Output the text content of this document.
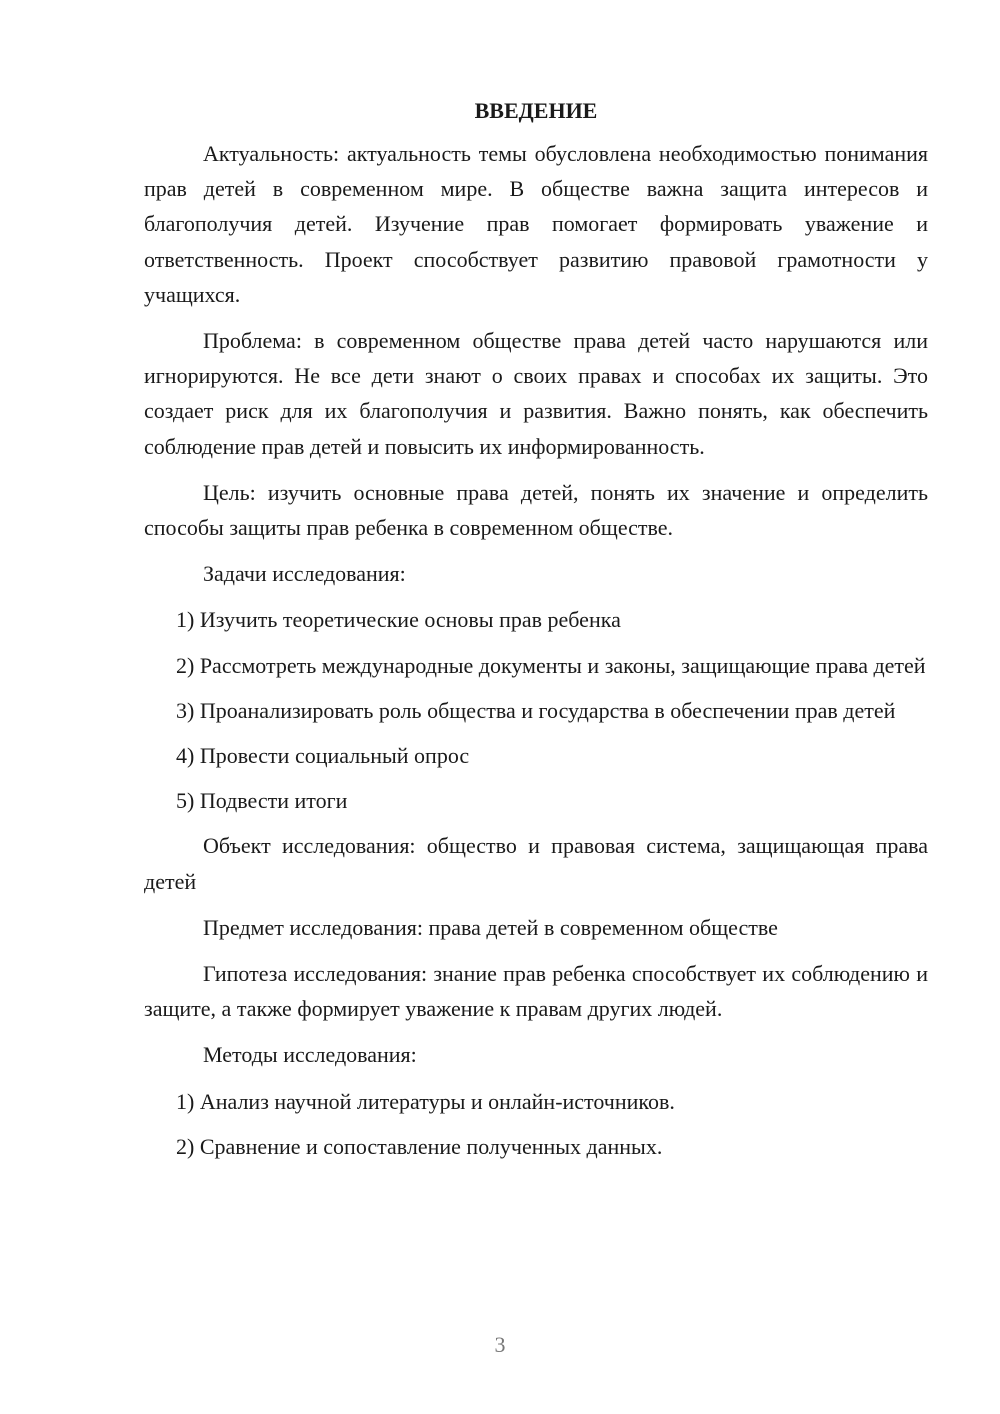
ВВЕДЕНИЕ

Актуальность: актуальность темы обусловлена необходимостью понимания прав детей в современном мире. В обществе важна защита интересов и благополучия детей. Изучение прав помогает формировать уважение и ответственность. Проект способствует развитию правовой грамотности у учащихся.

Проблема: в современном обществе права детей часто нарушаются или игнорируются. Не все дети знают о своих правах и способах их защиты. Это создает риск для их благополучия и развития. Важно понять, как обеспечить соблюдение прав детей и повысить их информированность.

Цель: изучить основные права детей, понять их значение и определить способы защиты прав ребенка в современном обществе.

Задачи исследования:

1) Изучить теоретические основы прав ребенка

2) Рассмотреть международные документы и законы, защищающие права детей

3) Проанализировать роль общества и государства в обеспечении прав детей

4) Провести социальный опрос

5) Подвести итоги

Объект исследования: общество и правовая система, защищающая права детей

Предмет исследования: права детей в современном обществе

Гипотеза исследования: знание прав ребенка способствует их соблюдению и защите, а также формирует уважение к правам других людей.

Методы исследования:

1) Анализ научной литературы и онлайн-источников.

2) Сравнение и сопоставление полученных данных.

3
